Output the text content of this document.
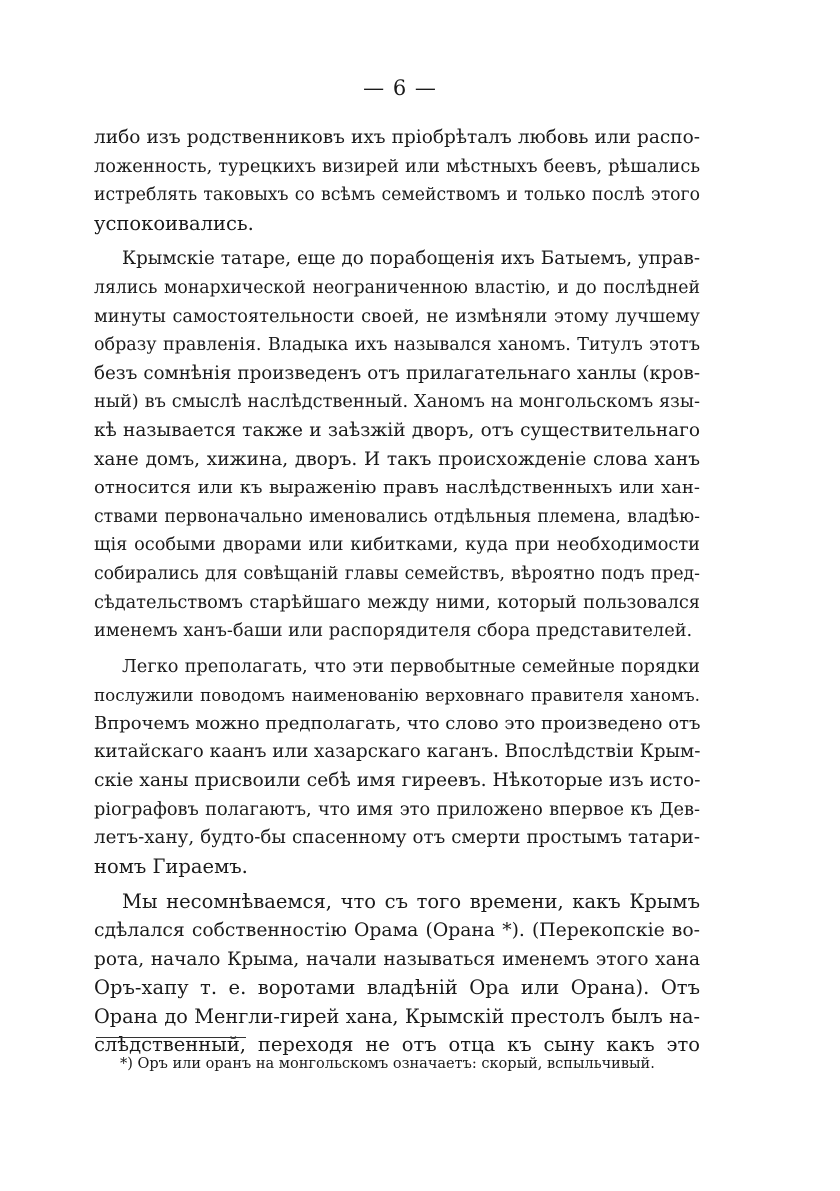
— 6 —
либо изъ родственниковъ ихъ пріобрѣталъ любовь или распо-
ложенность, турецкихъ визирей или мѣстныхъ беевъ, рѣшались
истреблять таковыхъ со всѣмъ семействомъ и только послѣ этого
успокоивались.
Крымскіе татаре, еще до порабощенія ихъ Батыемъ, управ-
лялись монархической неограниченною властію, и до послѣдней
минуты самостоятельности своей, не измѣняли этому лучшему
образу правленія. Владыка ихъ назывался ханомъ. Титулъ этотъ
безъ сомнѣнія произведенъ отъ прилагательнаго ханлы (кров-
ный) въ смыслѣ наслѣдственный. Ханомъ на монгольскомъ язы-
кѣ называется также и заѣзжій дворъ, отъ существительнаго
хане домъ, хижина, дворъ. И такъ происхожденіе слова ханъ
относится или къ выраженію правъ наслѣдственныхъ или хан-
ствами первоначально именовались отдѣльныя племена, владѣю-
щія особыми дворами или кибитками, куда при необходимости
собирались для совѣщаній главы семействъ, вѣроятно подъ пред-
сѣдательствомъ старѣйшаго между ними, который пользовался
именемъ ханъ-баши или распорядителя сбора представителей.
Легко преполагать, что эти первобытные семейные порядки
послужили поводомъ наименованію верховнаго правителя ханомъ.
Впрочемъ можно предполагать, что слово это произведено отъ
китайскаго каанъ или хазарскаго каганъ. Впослѣдствіи Крым-
скіе ханы присвоили себѣ имя гиреевъ. Нѣкоторые изъ исто-
ріографовъ полагаютъ, что имя это приложено впервое къ Дев-
летъ-хану, будто-бы спасенному отъ смерти простымъ татари-
номъ Гираемъ.
Мы несомнѣваемся, что съ того времени, какъ Крымъ
сдѣлался собственностію Орама (Орана *). (Перекопскіе во-
рота, начало Крыма, начали называться именемъ этого хана
Оръ-хапу т. е. воротами владѣній Ора или Орана). Отъ
Орана до Менгли-гирей хана, Крымскій престолъ былъ на-
слѣдственный, переходя не отъ отца къ сыну какъ это
*) Оръ или оранъ на монгольскомъ означаетъ: скорый, вспыльчивый.
